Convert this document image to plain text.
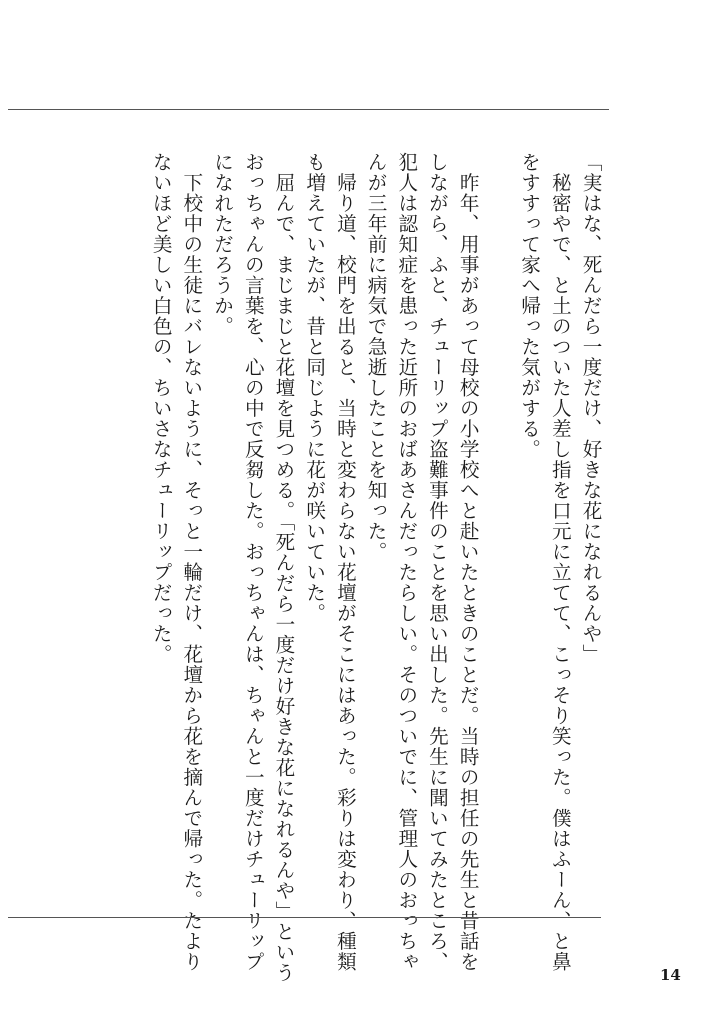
「実はな、死んだら一度だけ、好きな花になれるんや」

　秘密やで、と土のついた人差し指を口元に立てて、こっそり笑った。僕はふーん、と鼻
をすすって家へ帰った気がする。

　昨年、用事があって母校の小学校へと赴いたときのことだ。当時の担任の先生と昔話を
しながら、ふと、チューリップ盗難事件のことを思い出した。先生に聞いてみたところ、
犯人は認知症を患った近所のおばあさんだったらしい。そのついでに、管理人のおっちゃ
んが三年前に病気で急逝したことを知った。

　帰り道、校門を出ると、当時と変わらない花壇がそこにはあった。彩りは変わり、種類
も増えていたが、昔と同じように花が咲いていた。

　屈んで、まじまじと花壇を見つめる。「死んだら一度だけ好きな花になれるんや」という
おっちゃんの言葉を、心の中で反芻した。おっちゃんは、ちゃんと一度だけチューリップ
になれただろうか。

　下校中の生徒にバレないように、そっと一輪だけ、花壇から花を摘んで帰った。たより
ないほど美しい白色の、ちいさなチューリップだった。

14
